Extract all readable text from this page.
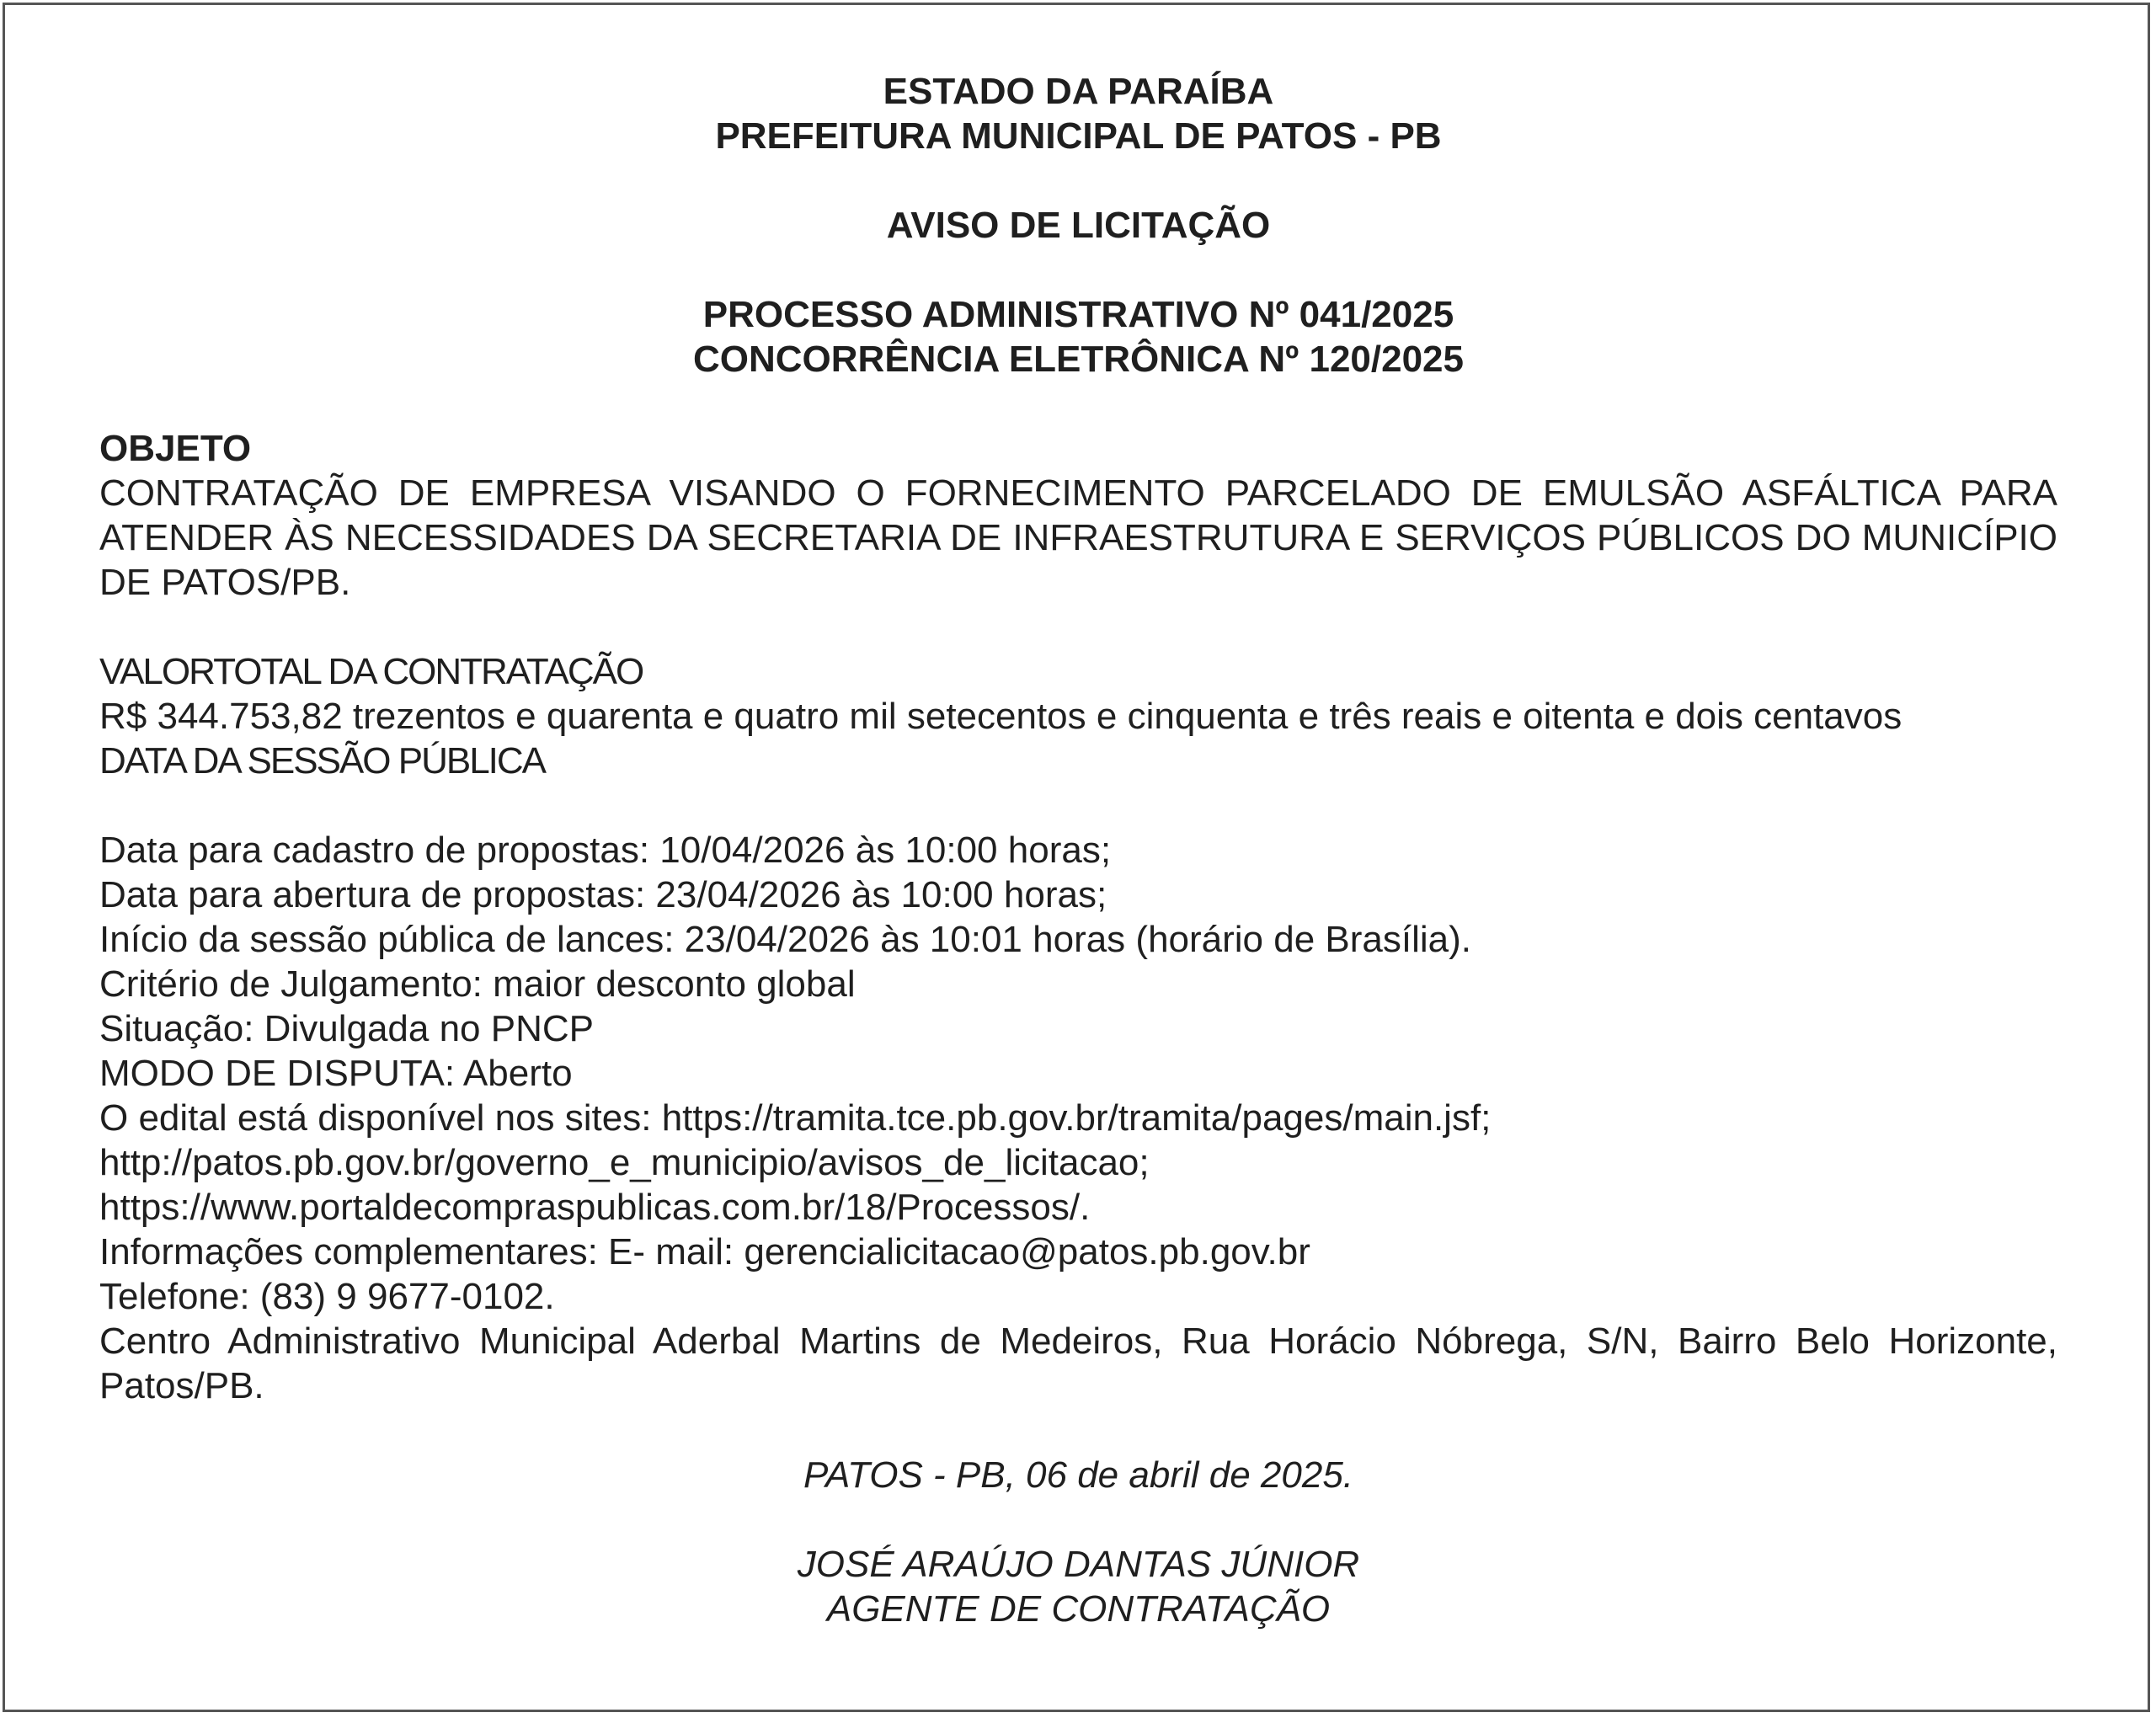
ESTADO DA PARAÍBA
PREFEITURA MUNICIPAL DE PATOS - PB
AVISO DE LICITAÇÃO
PROCESSO ADMINISTRATIVO Nº 041/2025
CONCORRÊNCIA ELETRÔNICA Nº 120/2025
OBJETO
CONTRATAÇÃO DE EMPRESA VISANDO O FORNECIMENTO PARCELADO DE EMULSÃO ASFÁLTICA PARA ATENDER ÀS NECESSIDADES DA SECRETARIA DE INFRAESTRUTURA E SERVIÇOS PÚBLICOS DO MUNICÍPIO DE PATOS/PB.
VALORTOTAL DA CONTRATAÇÃO
R$ 344.753,82 trezentos e quarenta e quatro mil setecentos e cinquenta e três reais e oitenta e dois centavos
DATA DA SESSÃO PÚBLICA
Data para cadastro de propostas: 10/04/2026 às 10:00 horas;
Data para abertura de propostas: 23/04/2026 às 10:00 horas;
Início da sessão pública de lances: 23/04/2026 às 10:01 horas (horário de Brasília).
Critério de Julgamento: maior desconto global
Situação: Divulgada no PNCP
MODO DE DISPUTA: Aberto
O edital está disponível nos sites: https://tramita.tce.pb.gov.br/tramita/pages/main.jsf;
http://patos.pb.gov.br/governo_e_municipio/avisos_de_licitacao;
https://www.portaldecompraspublicas.com.br/18/Processos/.
Informações complementares: E- mail: gerencialicitacao@patos.pb.gov.br
Telefone: (83) 9 9677-0102.
Centro Administrativo Municipal Aderbal Martins de Medeiros, Rua Horácio Nóbrega, S/N, Bairro Belo Horizonte, Patos/PB.
PATOS - PB, 06 de abril de 2025.
JOSÉ ARAÚJO DANTAS JÚNIOR
AGENTE DE CONTRATAÇÃO
